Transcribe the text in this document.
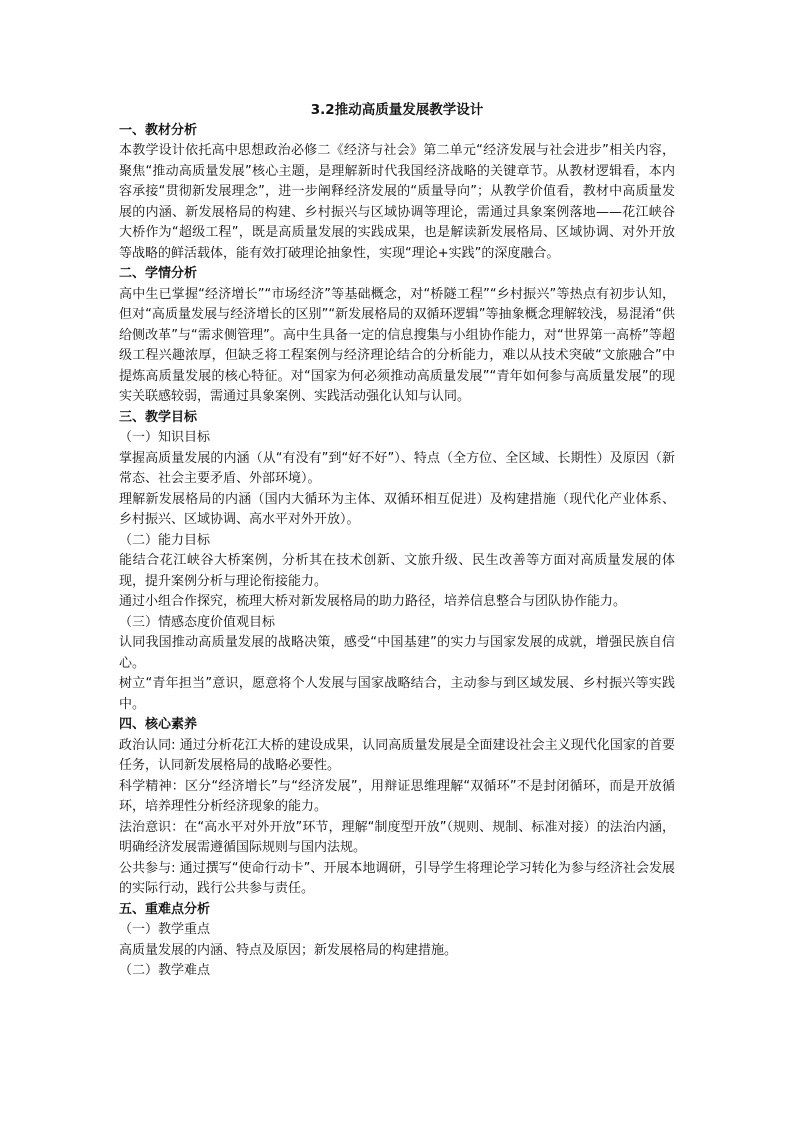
3.2推动高质量发展教学设计

一、教材分析

本教学设计依托高中思想政治必修二《经济与社会》第二单元“经济发展与社会进步”相关内容，聚焦“推动高质量发展”核心主题，是理解新时代我国经济战略的关键章节。从教材逻辑看，本内容承接“贯彻新发展理念”，进一步阐释经济发展的“质量导向”；从教学价值看，教材中高质量发展的内涵、新发展格局的构建、乡村振兴与区域协调等理论，需通过具象案例落地——花江峡谷大桥作为“超级工程”，既是高质量发展的实践成果，也是解读新发展格局、区域协调、对外开放等战略的鲜活载体，能有效打破理论抽象性，实现“理论+实践”的深度融合。

二、学情分析

高中生已掌握“经济增长”“市场经济”等基础概念，对“桥隧工程”“乡村振兴”等热点有初步认知，但对“高质量发展与经济增长的区别”“新发展格局的双循环逻辑”等抽象概念理解较浅，易混淆“供给侧改革”与“需求侧管理”。高中生具备一定的信息搜集与小组协作能力，对“世界第一高桥”等超级工程兴趣浓厚，但缺乏将工程案例与经济理论结合的分析能力，难以从技术突破“文旅融合”中提炼高质量发展的核心特征。对“国家为何必须推动高质量发展”“青年如何参与高质量发展”的现实关联感较弱，需通过具象案例、实践活动强化认知与认同。

三、教学目标

（一）知识目标

掌握高质量发展的内涵（从“有没有”到“好不好”）、特点（全方位、全区域、长期性）及原因（新常态、社会主要矛盾、外部环境）。

理解新发展格局的内涵（国内大循环为主体、双循环相互促进）及构建措施（现代化产业体系、乡村振兴、区域协调、高水平对外开放）。

（二）能力目标

能结合花江峡谷大桥案例，分析其在技术创新、文旅升级、民生改善等方面对高质量发展的体现，提升案例分析与理论衔接能力。

通过小组合作探究，梳理大桥对新发展格局的助力路径，培养信息整合与团队协作能力。

（三）情感态度价值观目标

认同我国推动高质量发展的战略决策，感受“中国基建”的实力与国家发展的成就，增强民族自信心。

树立“青年担当”意识，愿意将个人发展与国家战略结合，主动参与到区域发展、乡村振兴等实践中。

四、核心素养

政治认同: 通过分析花江大桥的建设成果，认同高质量发展是全面建设社会主义现代化国家的首要任务，认同新发展格局的战略必要性。

科学精神：区分“经济增长”与“经济发展”，用辩证思维理解“双循环”不是封闭循环，而是开放循环，培养理性分析经济现象的能力。

法治意识：在“高水平对外开放”环节，理解“制度型开放”（规则、规制、标准对接）的法治内涵，明确经济发展需遵循国际规则与国内法规。

公共参与: 通过撰写“使命行动卡”、开展本地调研，引导学生将理论学习转化为参与经济社会发展的实际行动，践行公共参与责任。

五、重难点分析

（一）教学重点

高质量发展的内涵、特点及原因；新发展格局的构建措施。

（二）教学难点
